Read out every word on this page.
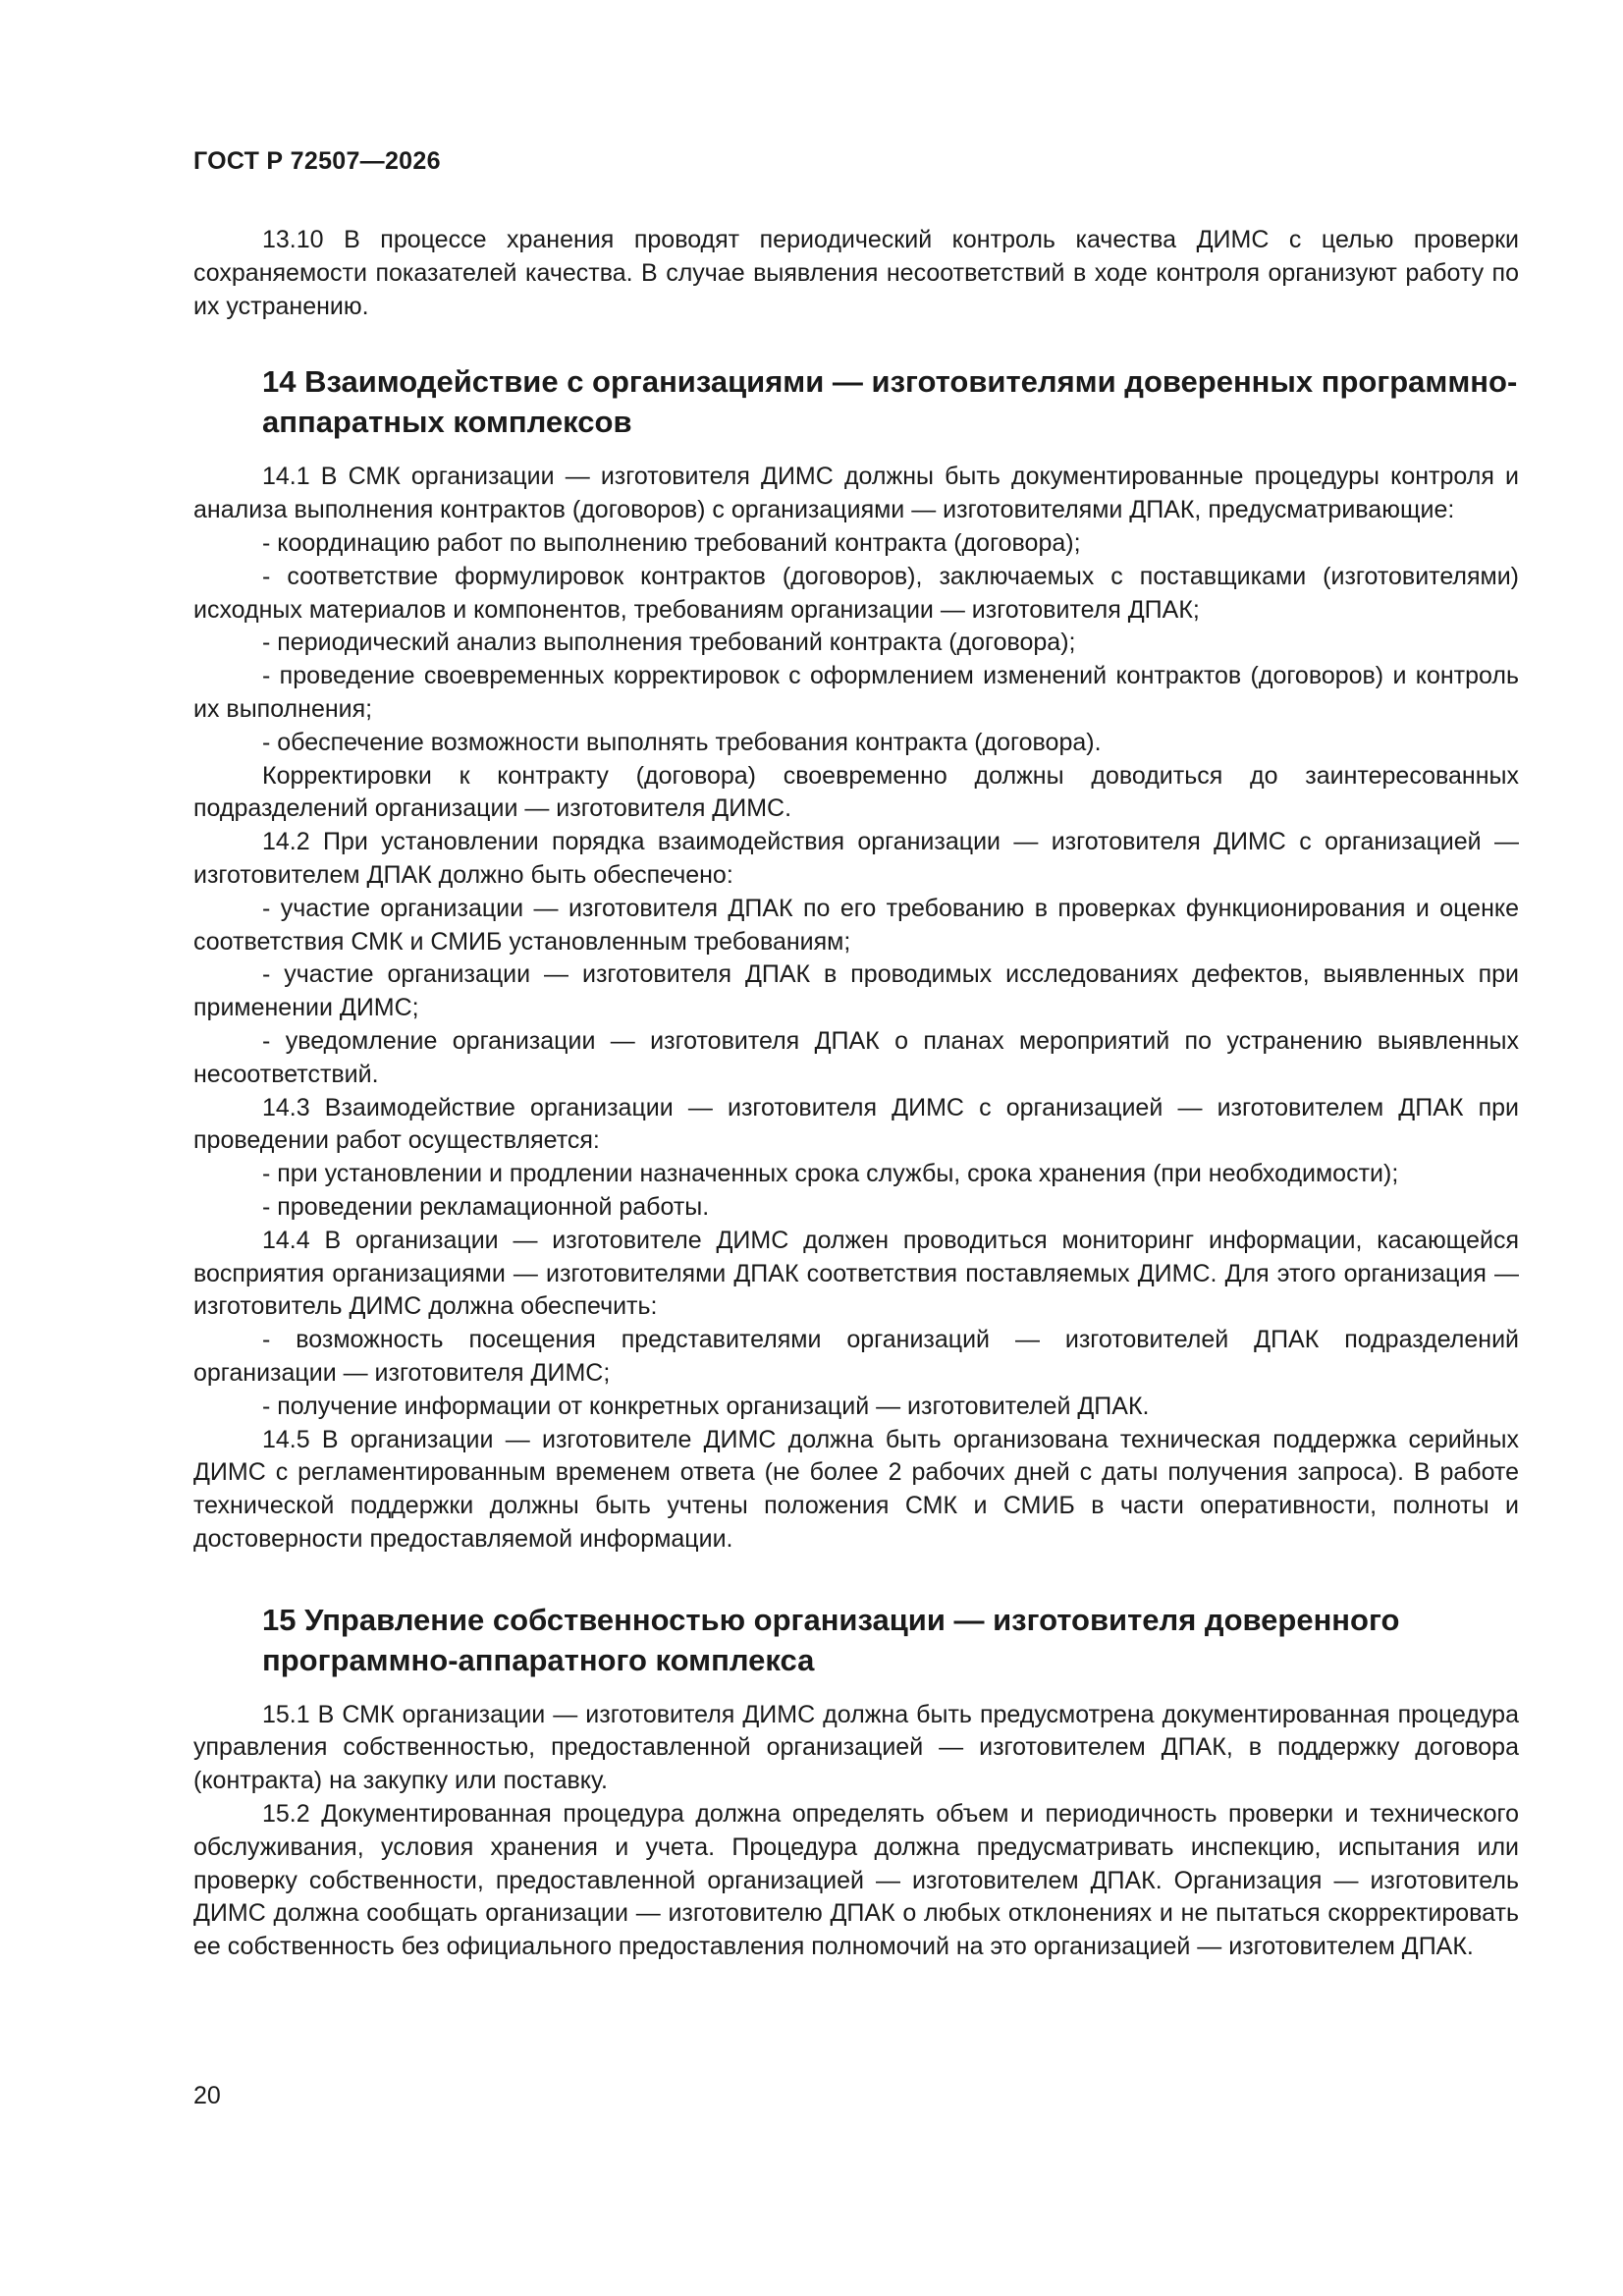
ГОСТ Р 72507—2026

13.10 В процессе хранения проводят периодический контроль качества ДИМС с целью проверки сохраняемости показателей качества. В случае выявления несоответствий в ходе контроля организуют работу по их устранению.

14 Взаимодействие с организациями — изготовителями доверенных программно-аппаратных комплексов

14.1 В СМК организации — изготовителя ДИМС должны быть документированные процедуры контроля и анализа выполнения контрактов (договоров) с организациями — изготовителями ДПАК, предусматривающие:

- координацию работ по выполнению требований контракта (договора);

- соответствие формулировок контрактов (договоров), заключаемых с поставщиками (изготовителями) исходных материалов и компонентов, требованиям организации — изготовителя ДПАК;

- периодический анализ выполнения требований контракта (договора);

- проведение своевременных корректировок с оформлением изменений контрактов (договоров) и контроль их выполнения;

- обеспечение возможности выполнять требования контракта (договора).

Корректировки к контракту (договора) своевременно должны доводиться до заинтересованных подразделений организации — изготовителя ДИМС.

14.2 При установлении порядка взаимодействия организации — изготовителя ДИМС с организацией — изготовителем ДПАК должно быть обеспечено:

- участие организации — изготовителя ДПАК по его требованию в проверках функционирования и оценке соответствия СМК и СМИБ установленным требованиям;

- участие организации — изготовителя ДПАК в проводимых исследованиях дефектов, выявленных при применении ДИМС;

- уведомление организации — изготовителя ДПАК о планах мероприятий по устранению выявленных несоответствий.

14.3 Взаимодействие организации — изготовителя ДИМС с организацией — изготовителем ДПАК при проведении работ осуществляется:

- при установлении и продлении назначенных срока службы, срока хранения (при необходимости);

- проведении рекламационной работы.

14.4 В организации — изготовителе ДИМС должен проводиться мониторинг информации, касающейся восприятия организациями — изготовителями ДПАК соответствия поставляемых ДИМС. Для этого организация — изготовитель ДИМС должна обеспечить:

- возможность посещения представителями организаций — изготовителей ДПАК подразделений организации — изготовителя ДИМС;

- получение информации от конкретных организаций — изготовителей ДПАК.

14.5 В организации — изготовителе ДИМС должна быть организована техническая поддержка серийных ДИМС с регламентированным временем ответа (не более 2 рабочих дней с даты получения запроса). В работе технической поддержки должны быть учтены положения СМК и СМИБ в части оперативности, полноты и достоверности предоставляемой информации.

15 Управление собственностью организации — изготовителя доверенного программно-аппаратного комплекса

15.1 В СМК организации — изготовителя ДИМС должна быть предусмотрена документированная процедура управления собственностью, предоставленной организацией — изготовителем ДПАК, в поддержку договора (контракта) на закупку или поставку.

15.2 Документированная процедура должна определять объем и периодичность проверки и технического обслуживания, условия хранения и учета. Процедура должна предусматривать инспекцию, испытания или проверку собственности, предоставленной организацией — изготовителем ДПАК. Организация — изготовитель ДИМС должна сообщать организации — изготовителю ДПАК о любых отклонениях и не пытаться скорректировать ее собственность без официального предоставления полномочий на это организацией — изготовителем ДПАК.

20
